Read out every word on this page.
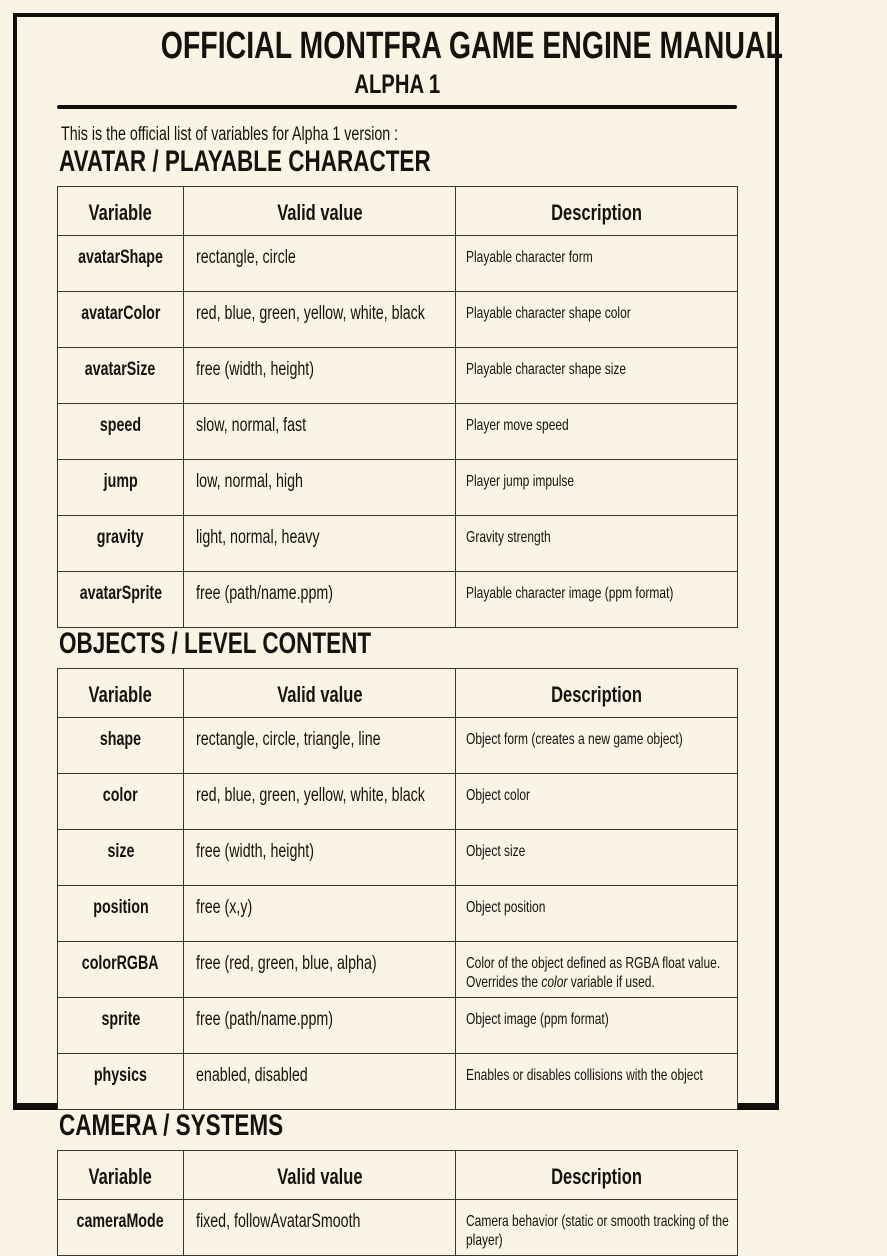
OFFICIAL MONTFRA GAME ENGINE MANUAL
ALPHA 1

This is the official list of variables for Alpha 1 version :

AVATAR / PLAYABLE CHARACTER
Variable	Valid value	Description
avatarShape	rectangle, circle	Playable character form
avatarColor	red, blue, green, yellow, white, black	Playable character shape color
avatarSize	free (width, height)	Playable character shape size
speed	slow, normal, fast	Player move speed
jump	low, normal, high	Player jump impulse
gravity	light, normal, heavy	Gravity strength
avatarSprite	free (path/name.ppm)	Playable character image (ppm format)
OBJECTS / LEVEL CONTENT
Variable	Valid value	Description
shape	rectangle, circle, triangle, line	Object form (creates a new game object)
color	red, blue, green, yellow, white, black	Object color
size	free (width, height)	Object size
position	free (x,y)	Object position
colorRGBA	free (red, green, blue, alpha)	Color of the object defined as RGBA float value. Overrides the color variable if used.
sprite	free (path/name.ppm)	Object image (ppm format)
physics	enabled, disabled	Enables or disables collisions with the object
CAMERA / SYSTEMS
Variable	Valid value	Description
cameraMode	fixed, followAvatarSmooth	Camera behavior (static or smooth tracking of the player)
